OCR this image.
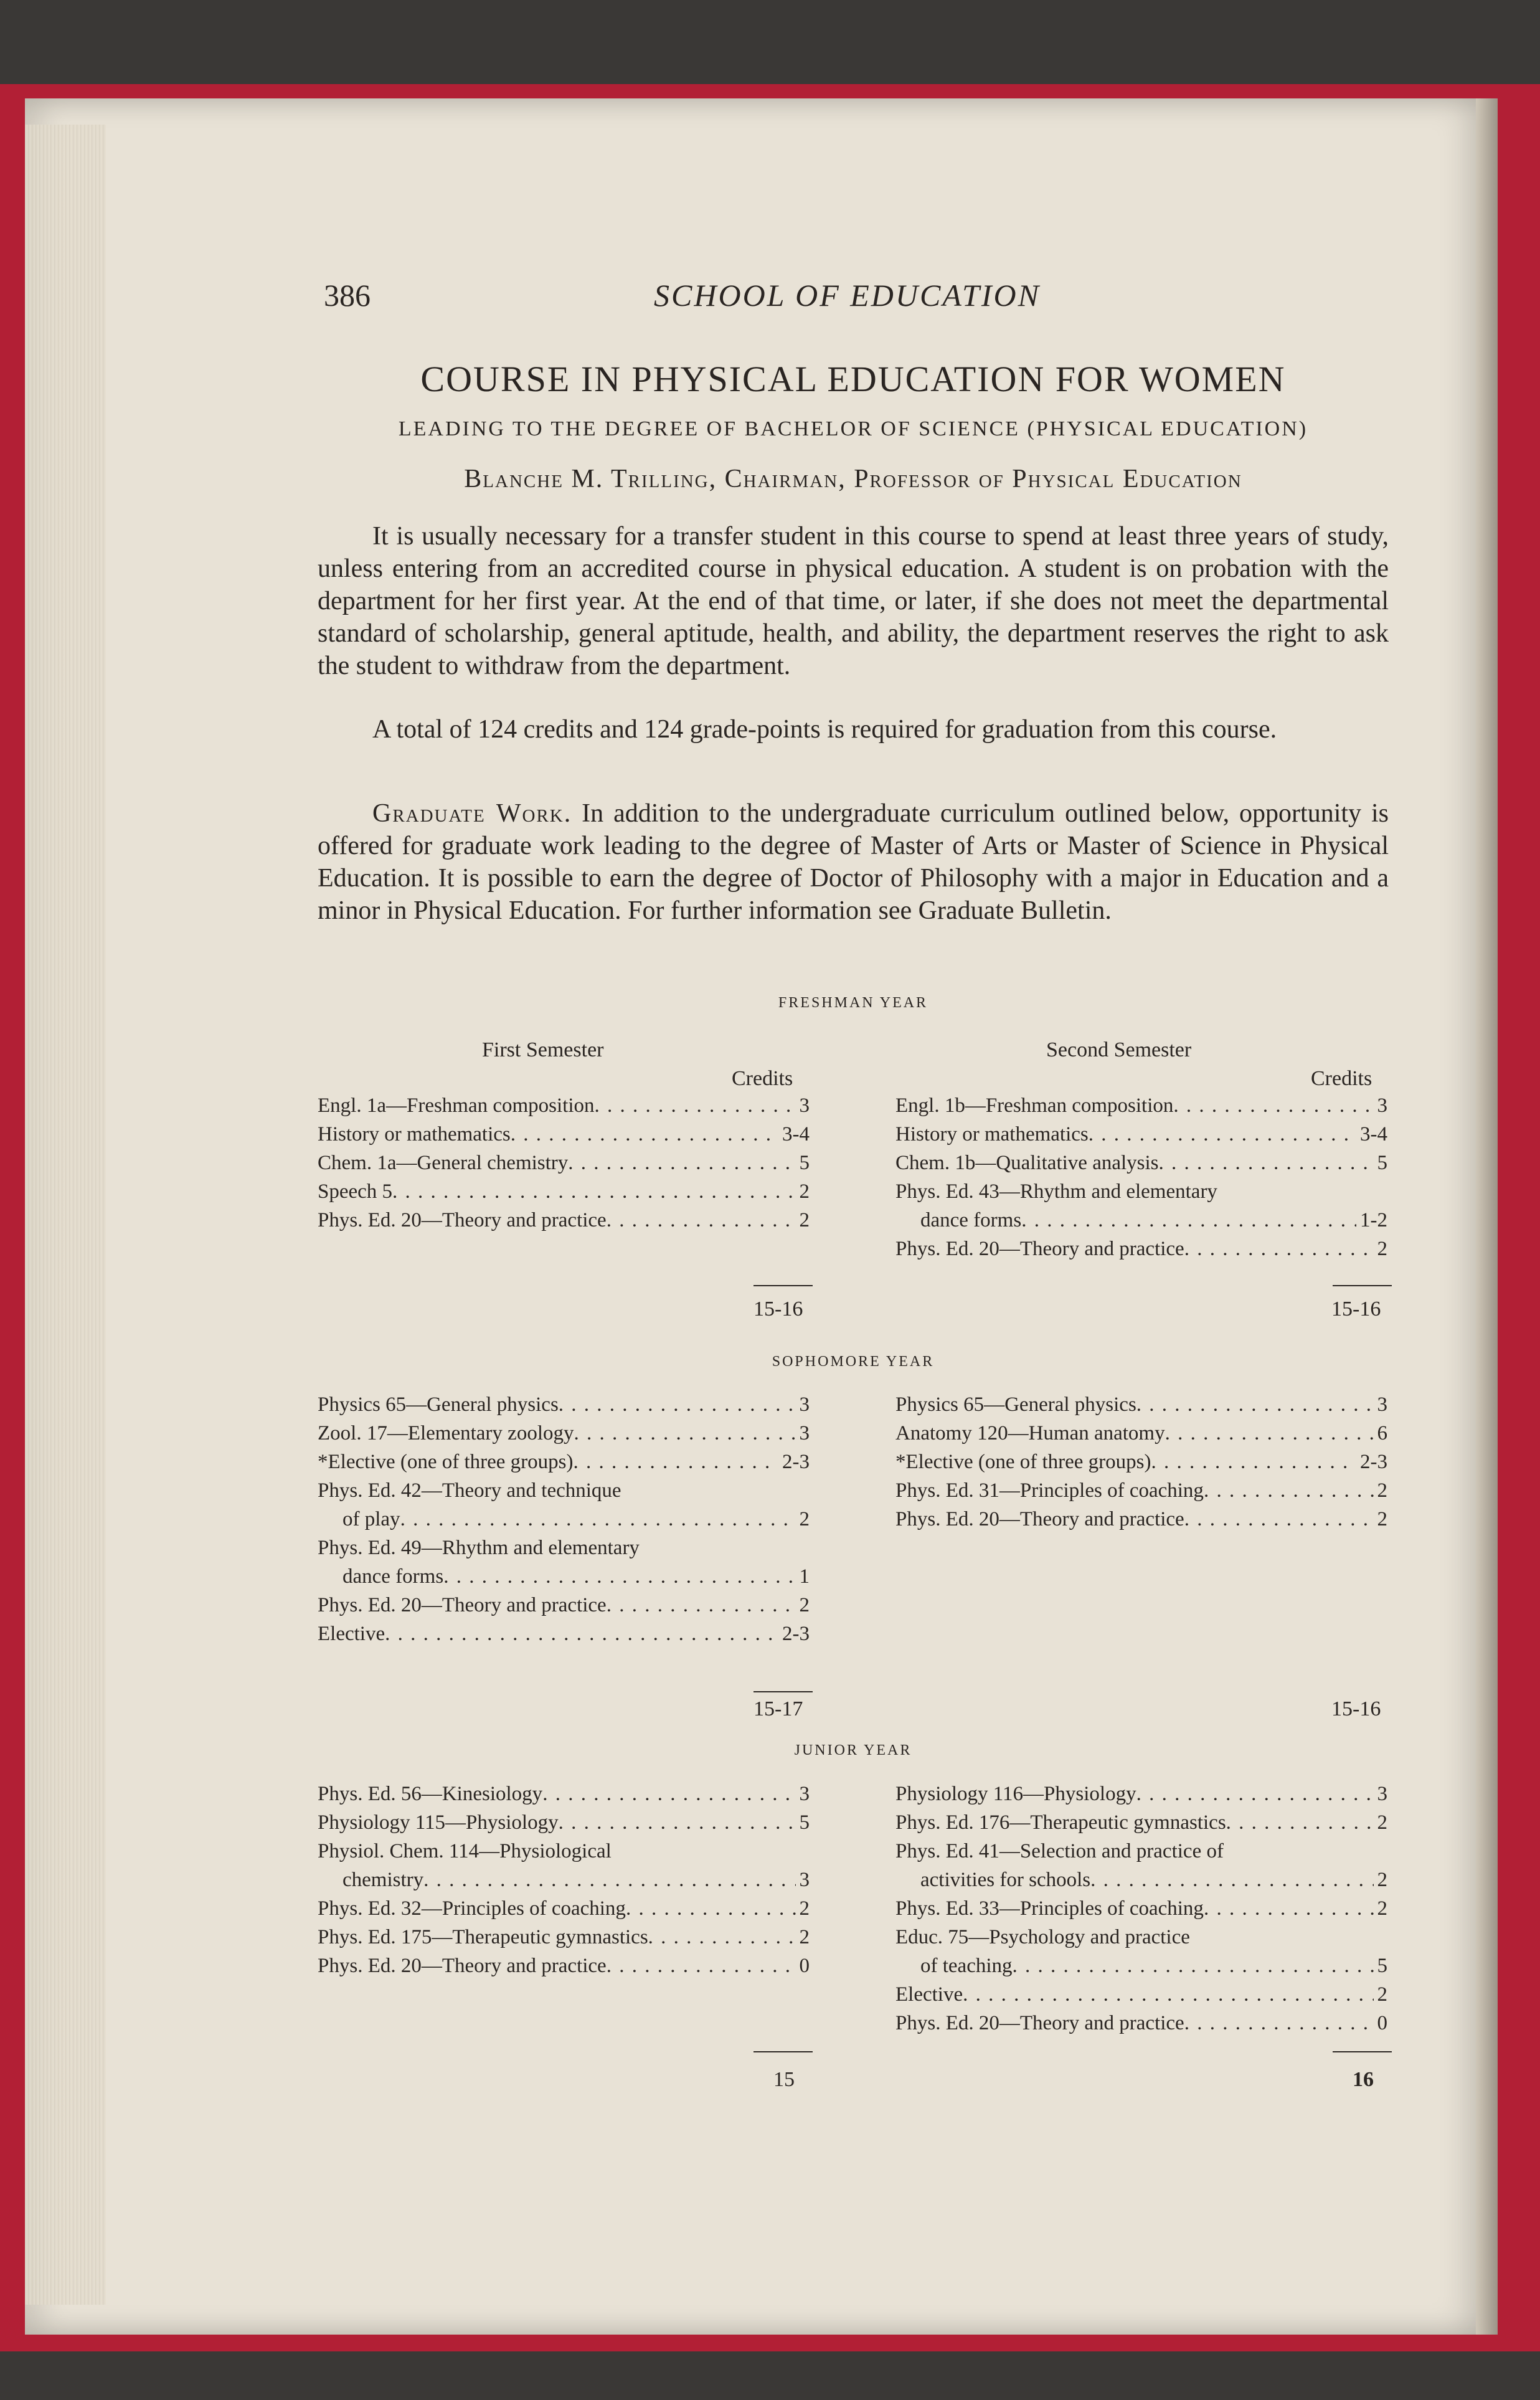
386	SCHOOL OF EDUCATION
COURSE IN PHYSICAL EDUCATION FOR WOMEN
LEADING TO THE DEGREE OF BACHELOR OF SCIENCE (PHYSICAL EDUCATION)
Blanche M. Trilling, Chairman, Professor of Physical Education
It is usually necessary for a transfer student in this course to spend at least three years of study, unless entering from an accredited course in physical education. A student is on probation with the department for her first year. At the end of that time, or later, if she does not meet the departmental standard of scholarship, general aptitude, health, and ability, the department reserves the right to ask the student to withdraw from the department.
A total of 124 credits and 124 grade-points is required for graduation from this course.
Graduate Work. In addition to the undergraduate curriculum outlined below, opportunity is offered for graduate work leading to the degree of Master of Arts or Master of Science in Physical Education. It is possible to earn the degree of Doctor of Philosophy with a major in Education and a minor in Physical Education. For further information see Graduate Bulletin.
FRESHMAN YEAR
First Semester	Second Semester
Credits	Credits
Engl. 1a—Freshman composition . . .	3
History or mathematics . . .	3-4
Chem. 1a—General chemistry . . .	5
Speech 5 . . .	2
Phys. Ed. 20—Theory and practice . . .	2
Engl. 1b—Freshman composition . . .	3
History or mathematics . . .	3-4
Chem. 1b—Qualitative analysis . . .	5
Phys. Ed. 43—Rhythm and elementary
dance forms . . .	1-2
Phys. Ed. 20—Theory and practice . . .	2
15-16	15-16
SOPHOMORE YEAR
Physics 65—General physics . . .	3
Zool. 17—Elementary zoology . . .	3
*Elective (one of three groups) . . .	2-3
Phys. Ed. 42—Theory and technique
of play . . .	2
Phys. Ed. 49—Rhythm and elementary
dance forms . . .	1
Phys. Ed. 20—Theory and practice . . .	2
Elective . . .	2-3
Physics 65—General physics . . .	3
Anatomy 120—Human anatomy . . .	6
*Elective (one of three groups) . . .	2-3
Phys. Ed. 31—Principles of coaching . . .	2
Phys. Ed. 20—Theory and practice . . .	2
15-17	15-16
JUNIOR YEAR
Phys. Ed. 56—Kinesiology . . .	3
Physiology 115—Physiology . . .	5
Physiol. Chem. 114—Physiological
chemistry . . .	3
Phys. Ed. 32—Principles of coaching . . .	2
Phys. Ed. 175—Therapeutic gymnastics . . .	2
Phys. Ed. 20—Theory and practice . . .	0
Physiology 116—Physiology . . .	3
Phys. Ed. 176—Therapeutic gymnastics . . .	2
Phys. Ed. 41—Selection and practice of
activities for schools . . .	2
Phys. Ed. 33—Principles of coaching . . .	2
Educ. 75—Psychology and practice
of teaching . . .	5
Elective . . .	2
Phys. Ed. 20—Theory and practice . . .	0
15	16
